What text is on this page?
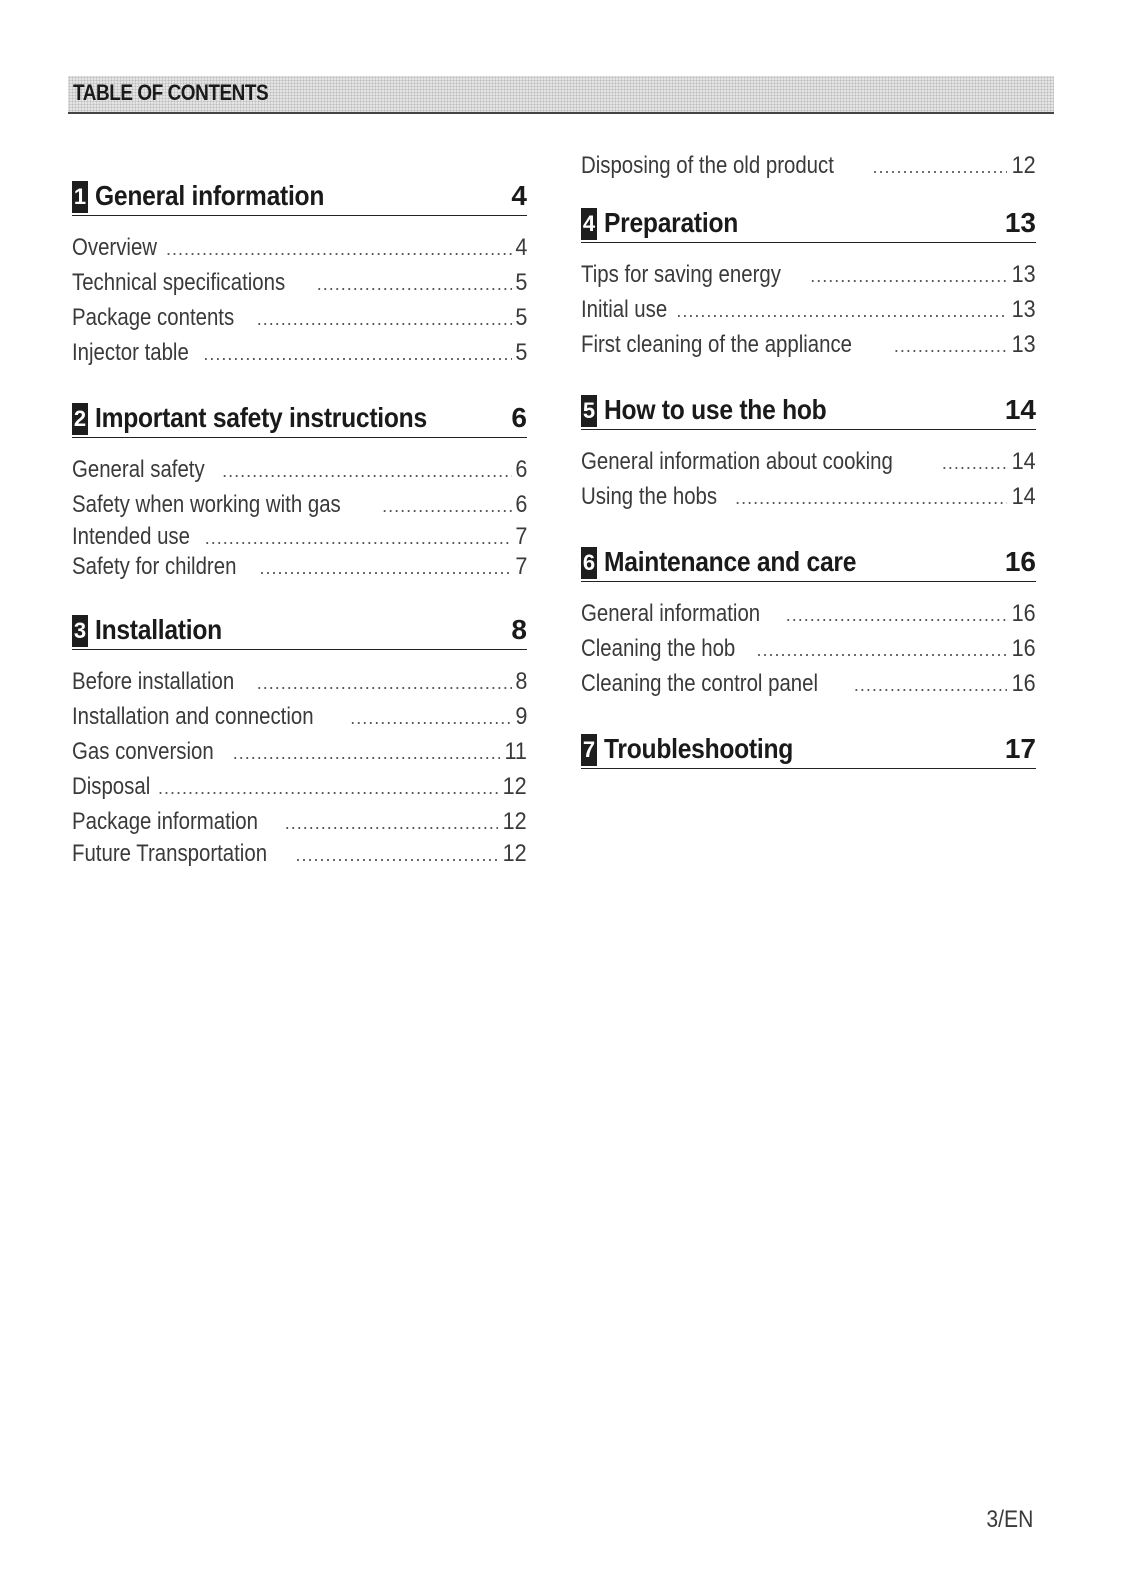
TABLE OF CONTENTS
1 General information	4
Overview .....	4
Technical specifications .....	5
Package contents .....	5
Injector table .....	5
2 Important safety instructions	6
General safety .....	6
Safety when working with gas .....	6
Intended use .....	7
Safety for children .....	7
3 Installation	8
Before installation .....	8
Installation and connection .....	9
Gas conversion .....	11
Disposal .....	12
Package information .....	12
Future Transportation .....	12
Disposing of the old product .....	12
4 Preparation	13
Tips for saving energy .....	13
Initial use .....	13
First cleaning of the appliance .....	13
5 How to use the hob	14
General information about cooking .....	14
Using the hobs .....	14
6 Maintenance and care	16
General information .....	16
Cleaning the hob .....	16
Cleaning the control panel .....	16
7 Troubleshooting	17
3/EN
